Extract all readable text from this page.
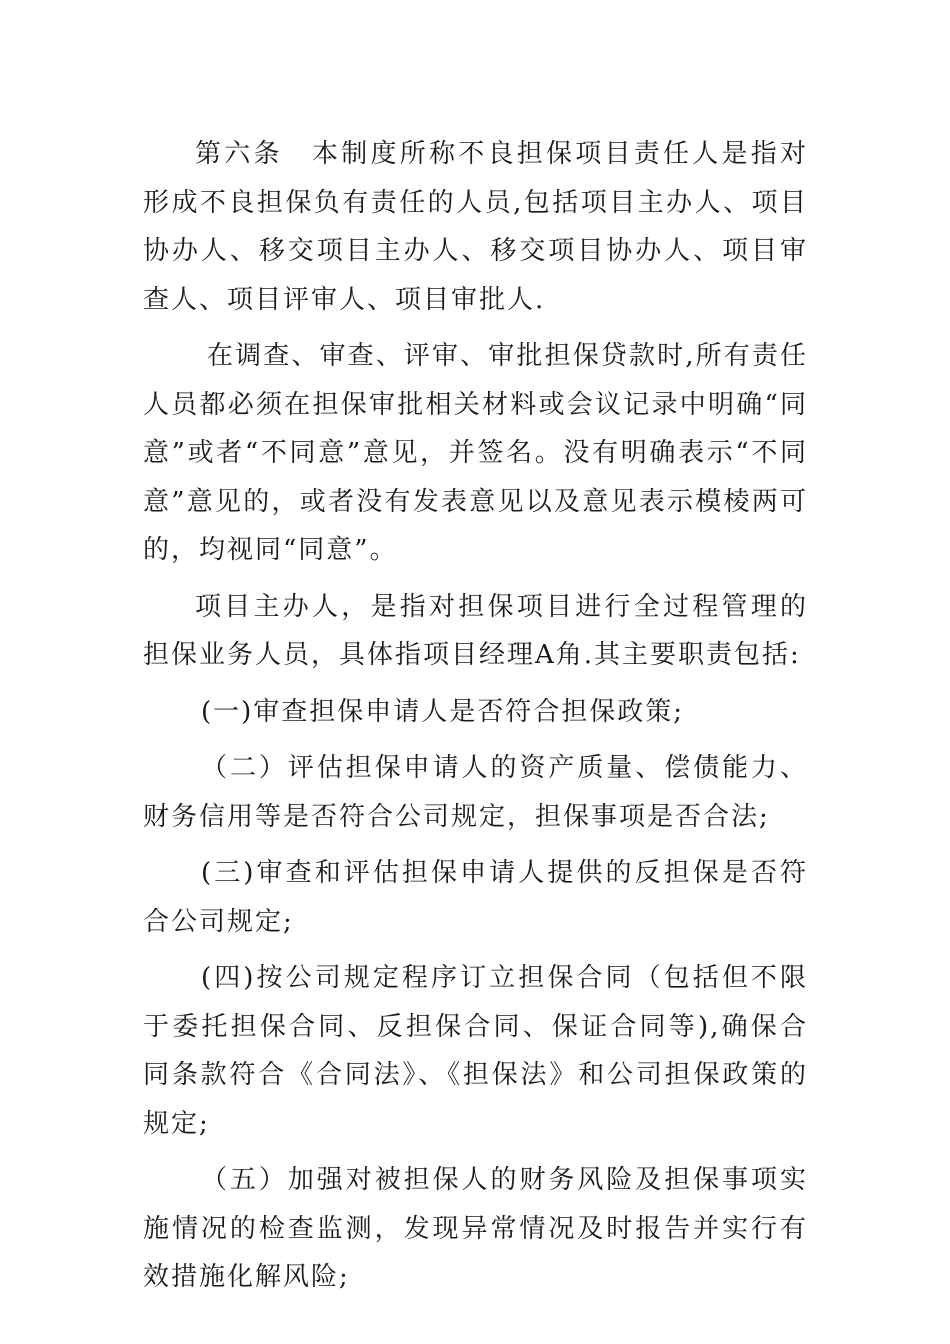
第六条　本制度所称不良担保项目责任人是指对形成不良担保负有责任的人员,包括项目主办人、项目协办人、移交项目主办人、移交项目协办人、项目审查人、项目评审人、项目审批人.

在调查、审查、评审、审批担保贷款时,所有责任人员都必须在担保审批相关材料或会议记录中明确“同意”或者“不同意”意见，并签名。没有明确表示“不同意”意见的，或者没有发表意见以及意见表示模棱两可的，均视同“同意”。

项目主办人，是指对担保项目进行全过程管理的担保业务人员，具体指项目经理A角.其主要职责包括:

(一)审查担保申请人是否符合担保政策;

（二）评估担保申请人的资产质量、偿债能力、财务信用等是否符合公司规定，担保事项是否合法;

(三)审查和评估担保申请人提供的反担保是否符合公司规定;

(四)按公司规定程序订立担保合同（包括但不限于委托担保合同、反担保合同、保证合同等),确保合同条款符合《合同法》、《担保法》和公司担保政策的规定;

（五）加强对被担保人的财务风险及担保事项实施情况的检查监测，发现异常情况及时报告并实行有效措施化解风险;
